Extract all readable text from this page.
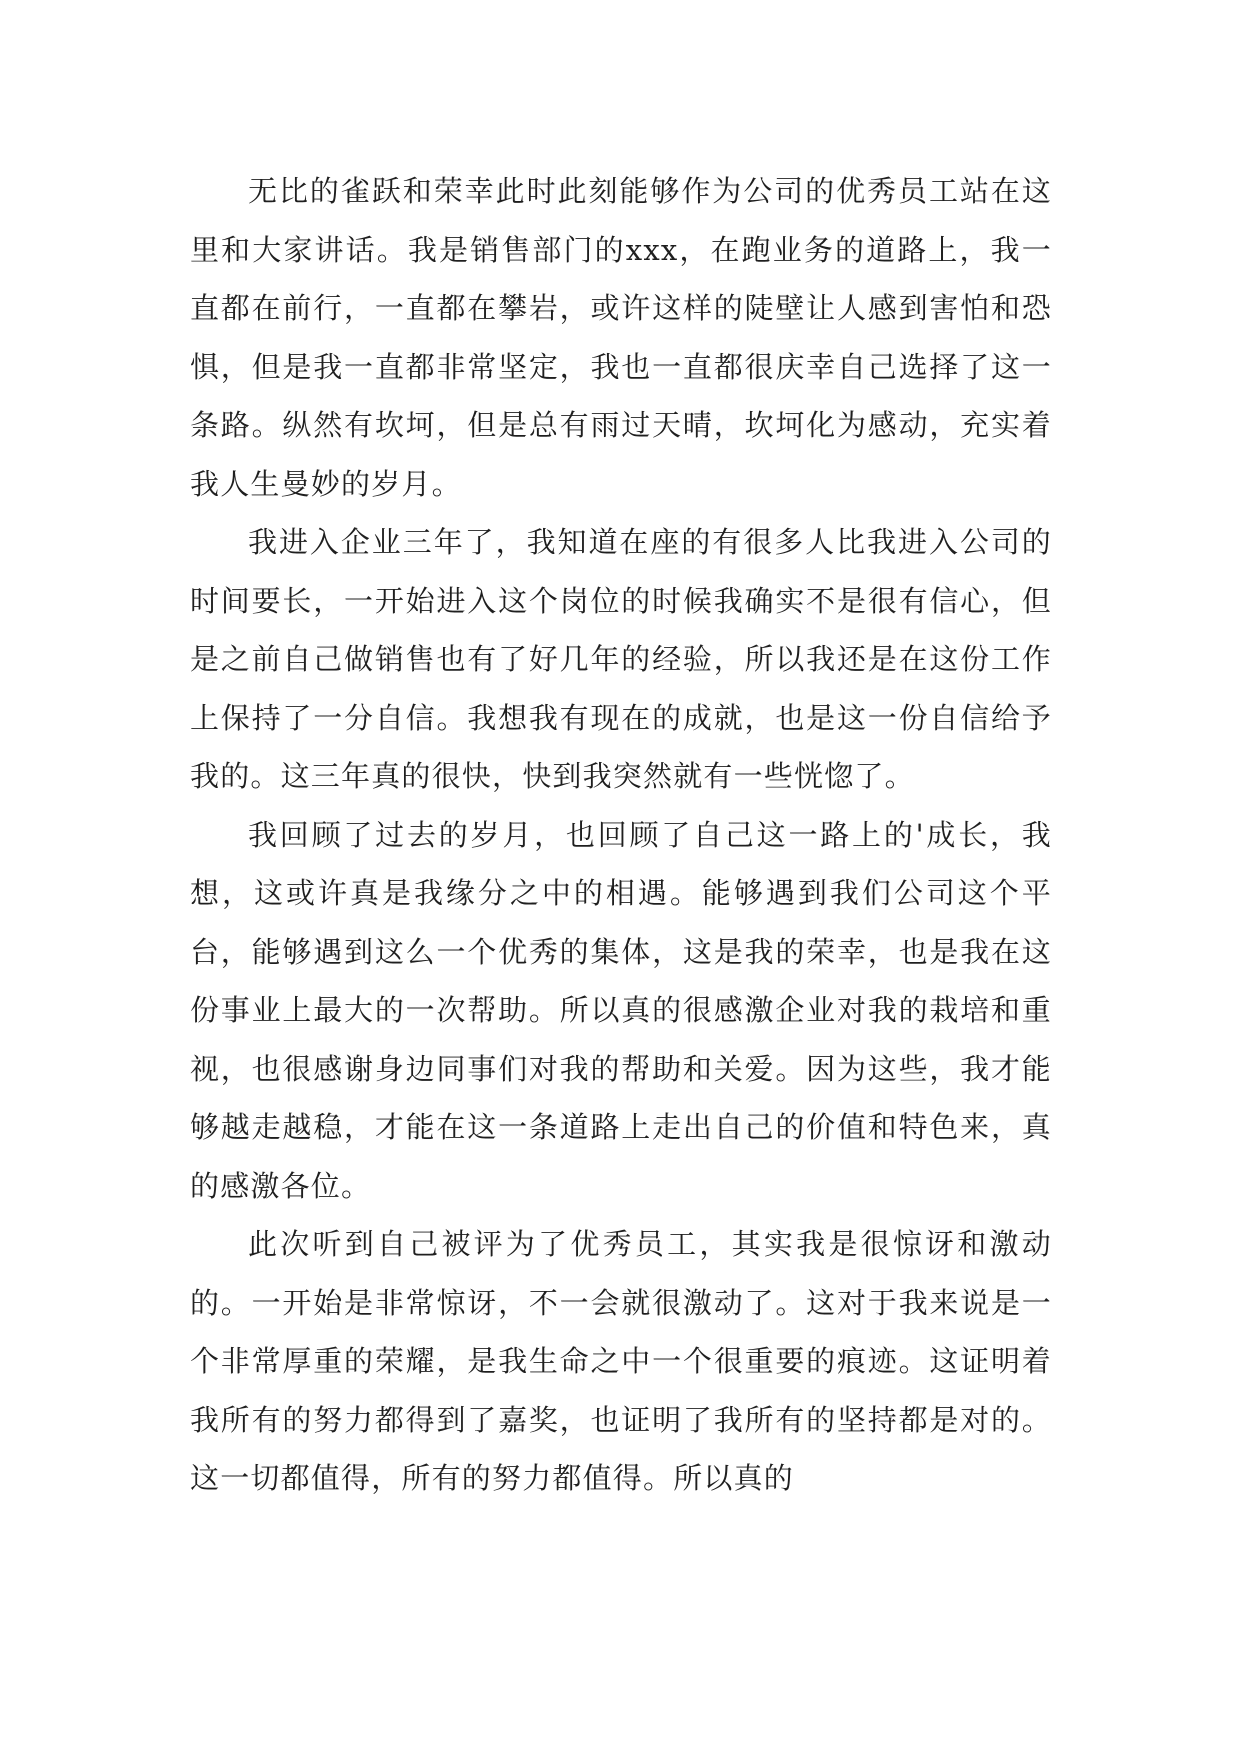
无比的雀跃和荣幸此时此刻能够作为公司的优秀员工站在这里和大家讲话。我是销售部门的xxx，在跑业务的道路上，我一直都在前行，一直都在攀岩，或许这样的陡壁让人感到害怕和恐惧，但是我一直都非常坚定，我也一直都很庆幸自己选择了这一条路。纵然有坎坷，但是总有雨过天晴，坎坷化为感动，充实着我人生曼妙的岁月。

我进入企业三年了，我知道在座的有很多人比我进入公司的时间要长，一开始进入这个岗位的时候我确实不是很有信心，但是之前自己做销售也有了好几年的经验，所以我还是在这份工作上保持了一分自信。我想我有现在的成就，也是这一份自信给予我的。这三年真的很快，快到我突然就有一些恍惚了。

我回顾了过去的岁月，也回顾了自己这一路上的'成长，我想，这或许真是我缘分之中的相遇。能够遇到我们公司这个平台，能够遇到这么一个优秀的集体，这是我的荣幸，也是我在这份事业上最大的一次帮助。所以真的很感激企业对我的栽培和重视，也很感谢身边同事们对我的帮助和关爱。因为这些，我才能够越走越稳，才能在这一条道路上走出自己的价值和特色来，真的感激各位。

此次听到自己被评为了优秀员工，其实我是很惊讶和激动的。一开始是非常惊讶，不一会就很激动了。这对于我来说是一个非常厚重的荣耀，是我生命之中一个很重要的痕迹。这证明着我所有的努力都得到了嘉奖，也证明了我所有的坚持都是对的。这一切都值得，所有的努力都值得。所以真的
